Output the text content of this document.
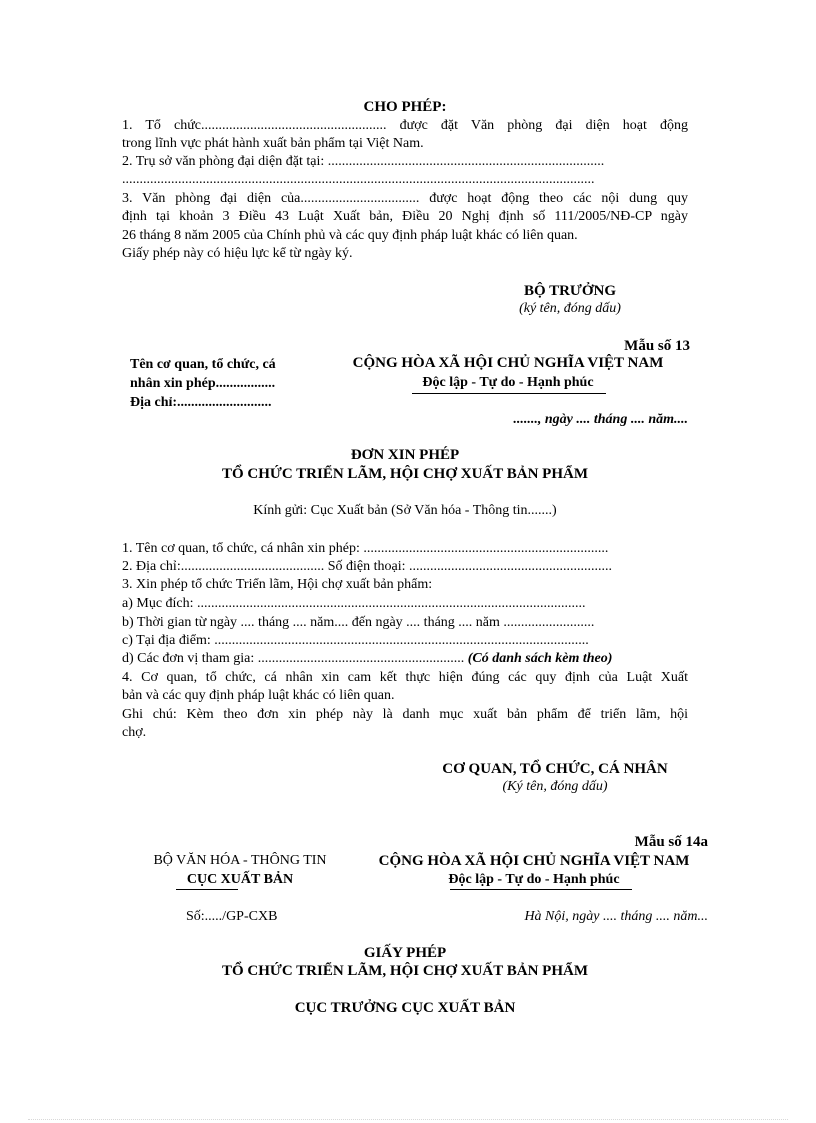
CHO PHÉP:
1. Tổ chức..................................................... được đặt Văn phòng đại diện hoạt động
trong lĩnh vực phát hành xuất bản phẩm tại Việt Nam.
2. Trụ sở văn phòng đại diện đặt tại: ...............................................................................
.......................................................................................................................................
3. Văn phòng đại diện của.................................. được hoạt động theo các nội dung quy
định tại khoản 3 Điều 43 Luật Xuất bản, Điều 20 Nghị định số 111/2005/NĐ-CP ngày
26 tháng 8 năm 2005 của Chính phủ và các quy định pháp luật khác có liên quan.
Giấy phép này có hiệu lực kể từ ngày ký.
BỘ TRƯỞNG
(ký tên, đóng dấu)
Mẫu số 13
Tên cơ quan, tổ chức, cá
nhân xin phép.................
Địa chỉ:...........................
CỘNG HÒA XÃ HỘI CHỦ NGHĨA VIỆT NAM
Độc lập - Tự do - Hạnh phúc
......., ngày .... tháng .... năm....
ĐƠN XIN PHÉP
TỔ CHỨC TRIỂN LÃM, HỘI CHỢ XUẤT BẢN PHẨM
Kính gửi: Cục Xuất bản (Sở Văn hóa - Thông tin.......)
1. Tên cơ quan, tổ chức, cá nhân xin phép: ......................................................................
2. Địa chỉ:......................................... Số điện thoại: ..........................................................
3. Xin phép tổ chức Triển lãm, Hội chợ xuất bản phẩm:
a) Mục đích: ...............................................................................................................
b) Thời gian từ ngày .... tháng .... năm.... đến ngày .... tháng .... năm ..........................
c) Tại địa điểm: ...........................................................................................................
d) Các đơn vị tham gia: ........................................................... (Có danh sách kèm theo)
4. Cơ quan, tổ chức, cá nhân xin cam kết thực hiện đúng các quy định của Luật Xuất
bản và các quy định pháp luật khác có liên quan.
Ghi chú: Kèm theo đơn xin phép này là danh mục xuất bản phẩm để triển lãm, hội
chợ.
CƠ QUAN, TỔ CHỨC, CÁ NHÂN
(Ký tên, đóng dấu)
Mẫu số 14a
BỘ VĂN HÓA - THÔNG TIN
CỤC XUẤT BẢN
CỘNG HÒA XÃ HỘI CHỦ NGHĨA VIỆT NAM
Độc lập - Tự do - Hạnh phúc
Số:...../GP-CXB	Hà Nội, ngày .... tháng .... năm...
GIẤY PHÉP
TỔ CHỨC TRIỂN LÃM, HỘI CHỢ XUẤT BẢN PHẨM
CỤC TRƯỞNG CỤC XUẤT BẢN
